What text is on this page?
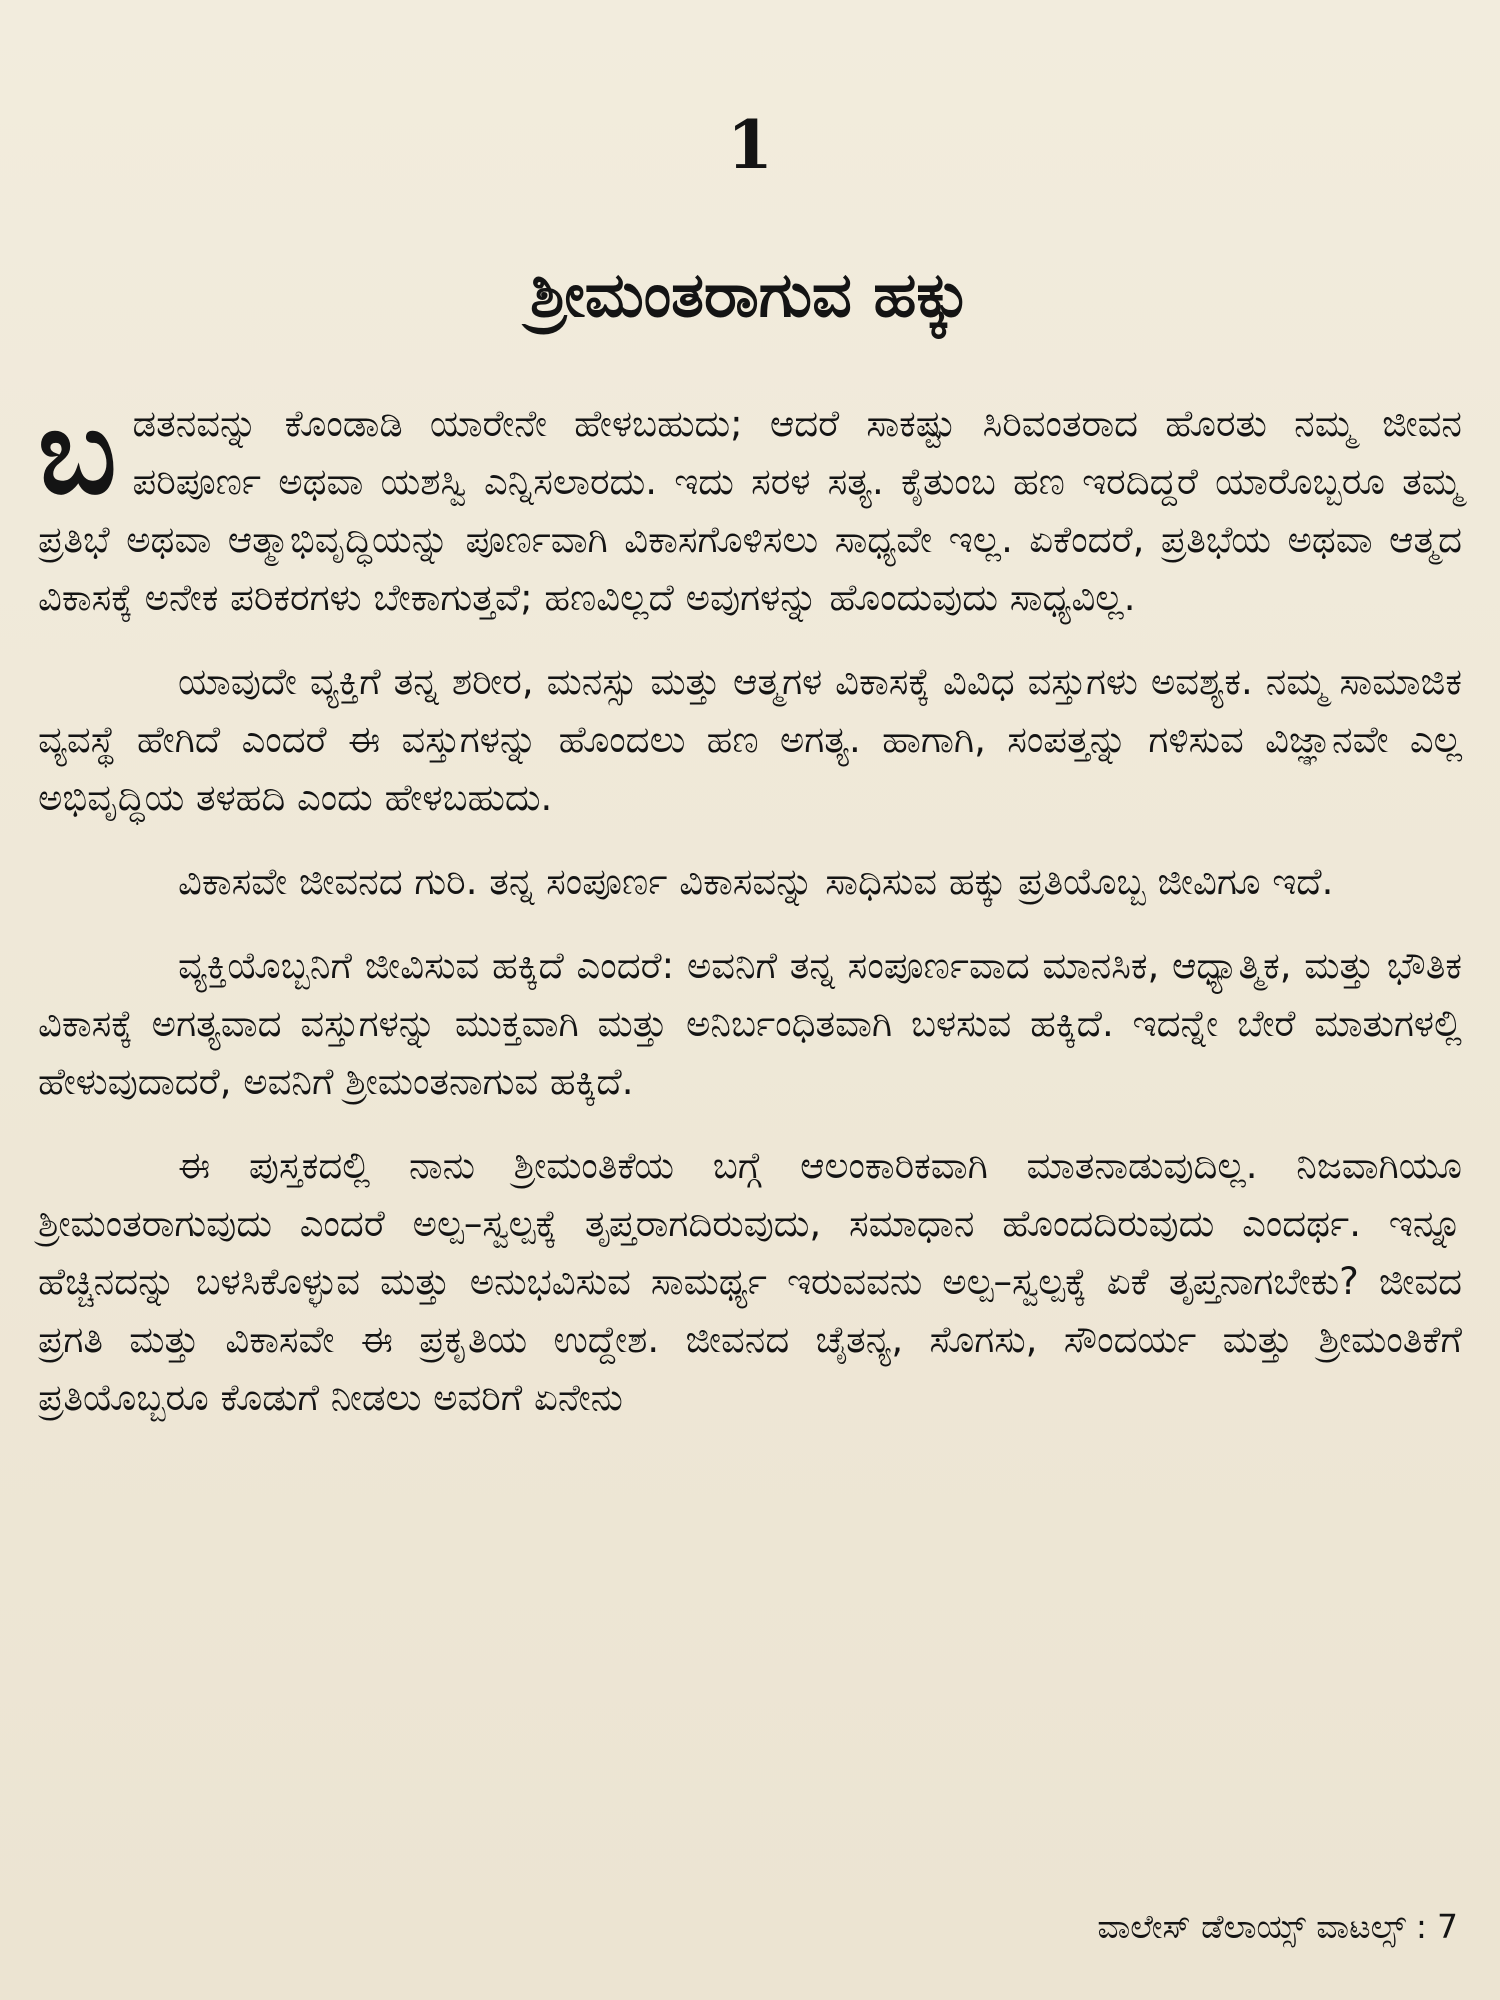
1
ಶ್ರೀಮಂತರಾಗುವ ಹಕ್ಕು

ಬಡತನವನ್ನು ಕೊಂಡಾಡಿ ಯಾರೇನೇ ಹೇಳಬಹುದು; ಆದರೆ ಸಾಕಷ್ಟು ಸಿರಿವಂತರಾದ ಹೊರತು ನಮ್ಮ ಜೀವನ ಪರಿಪೂರ್ಣ ಅಥವಾ ಯಶಸ್ವಿ ಎನ್ನಿಸಲಾರದು. ಇದು ಸರಳ ಸತ್ಯ. ಕೈತುಂಬ ಹಣ ಇರದಿದ್ದರೆ ಯಾರೊಬ್ಬರೂ ತಮ್ಮ ಪ್ರತಿಭೆ ಅಥವಾ ಆತ್ಮಾಭಿವೃದ್ಧಿಯನ್ನು ಪೂರ್ಣವಾಗಿ ವಿಕಾಸಗೊಳಿಸಲು ಸಾಧ್ಯವೇ ಇಲ್ಲ. ಏಕೆಂದರೆ, ಪ್ರತಿಭೆಯ ಅಥವಾ ಆತ್ಮದ ವಿಕಾಸಕ್ಕೆ ಅನೇಕ ಪರಿಕರಗಳು ಬೇಕಾಗುತ್ತವೆ; ಹಣವಿಲ್ಲದೆ ಅವುಗಳನ್ನು ಹೊಂದುವುದು ಸಾಧ್ಯವಿಲ್ಲ.

ಯಾವುದೇ ವ್ಯಕ್ತಿಗೆ ತನ್ನ ಶರೀರ, ಮನಸ್ಸು ಮತ್ತು ಆತ್ಮಗಳ ವಿಕಾಸಕ್ಕೆ ವಿವಿಧ ವಸ್ತುಗಳು ಅವಶ್ಯಕ. ನಮ್ಮ ಸಾಮಾಜಿಕ ವ್ಯವಸ್ಥೆ ಹೇಗಿದೆ ಎಂದರೆ ಈ ವಸ್ತುಗಳನ್ನು ಹೊಂದಲು ಹಣ ಅಗತ್ಯ. ಹಾಗಾಗಿ, ಸಂಪತ್ತನ್ನು ಗಳಿಸುವ ವಿಜ್ಞಾನವೇ ಎಲ್ಲ ಅಭಿವೃದ್ಧಿಯ ತಳಹದಿ ಎಂದು ಹೇಳಬಹುದು.

ವಿಕಾಸವೇ ಜೀವನದ ಗುರಿ. ತನ್ನ ಸಂಪೂರ್ಣ ವಿಕಾಸವನ್ನು ಸಾಧಿಸುವ ಹಕ್ಕು ಪ್ರತಿಯೊಬ್ಬ ಜೀವಿಗೂ ಇದೆ.

ವ್ಯಕ್ತಿಯೊಬ್ಬನಿಗೆ ಜೀವಿಸುವ ಹಕ್ಕಿದೆ ಎಂದರೆ: ಅವನಿಗೆ ತನ್ನ ಸಂಪೂರ್ಣವಾದ ಮಾನಸಿಕ, ಆಧ್ಯಾತ್ಮಿಕ, ಮತ್ತು ಭೌತಿಕ ವಿಕಾಸಕ್ಕೆ ಅಗತ್ಯವಾದ ವಸ್ತುಗಳನ್ನು ಮುಕ್ತವಾಗಿ ಮತ್ತು ಅನಿರ್ಬಂಧಿತವಾಗಿ ಬಳಸುವ ಹಕ್ಕಿದೆ. ಇದನ್ನೇ ಬೇರೆ ಮಾತುಗಳಲ್ಲಿ ಹೇಳುವುದಾದರೆ, ಅವನಿಗೆ ಶ್ರೀಮಂತನಾಗುವ ಹಕ್ಕಿದೆ.

ಈ ಪುಸ್ತಕದಲ್ಲಿ ನಾನು ಶ್ರೀಮಂತಿಕೆಯ ಬಗ್ಗೆ ಆಲಂಕಾರಿಕವಾಗಿ ಮಾತನಾಡುವುದಿಲ್ಲ. ನಿಜವಾಗಿಯೂ ಶ್ರೀಮಂತರಾಗುವುದು ಎಂದರೆ ಅಲ್ಪ–ಸ್ವಲ್ಪಕ್ಕೆ ತೃಪ್ತರಾಗದಿರುವುದು, ಸಮಾಧಾನ ಹೊಂದದಿರುವುದು ಎಂದರ್ಥ. ಇನ್ನೂ ಹೆಚ್ಚಿನದನ್ನು ಬಳಸಿಕೊಳ್ಳುವ ಮತ್ತು ಅನುಭವಿಸುವ ಸಾಮರ್ಥ್ಯ ಇರುವವನು ಅಲ್ಪ–ಸ್ವಲ್ಪಕ್ಕೆ ಏಕೆ ತೃಪ್ತನಾಗಬೇಕು? ಜೀವದ ಪ್ರಗತಿ ಮತ್ತು ವಿಕಾಸವೇ ಈ ಪ್ರಕೃತಿಯ ಉದ್ದೇಶ. ಜೀವನದ ಚೈತನ್ಯ, ಸೊಗಸು, ಸೌಂದರ್ಯ ಮತ್ತು ಶ್ರೀಮಂತಿಕೆಗೆ ಪ್ರತಿಯೊಬ್ಬರೂ ಕೊಡುಗೆ ನೀಡಲು ಅವರಿಗೆ ಏನೇನು

ವಾಲೇಸ್ ಡೆಲಾಯ್ಸ್ ವಾಟಲ್ಸ್ : 7
